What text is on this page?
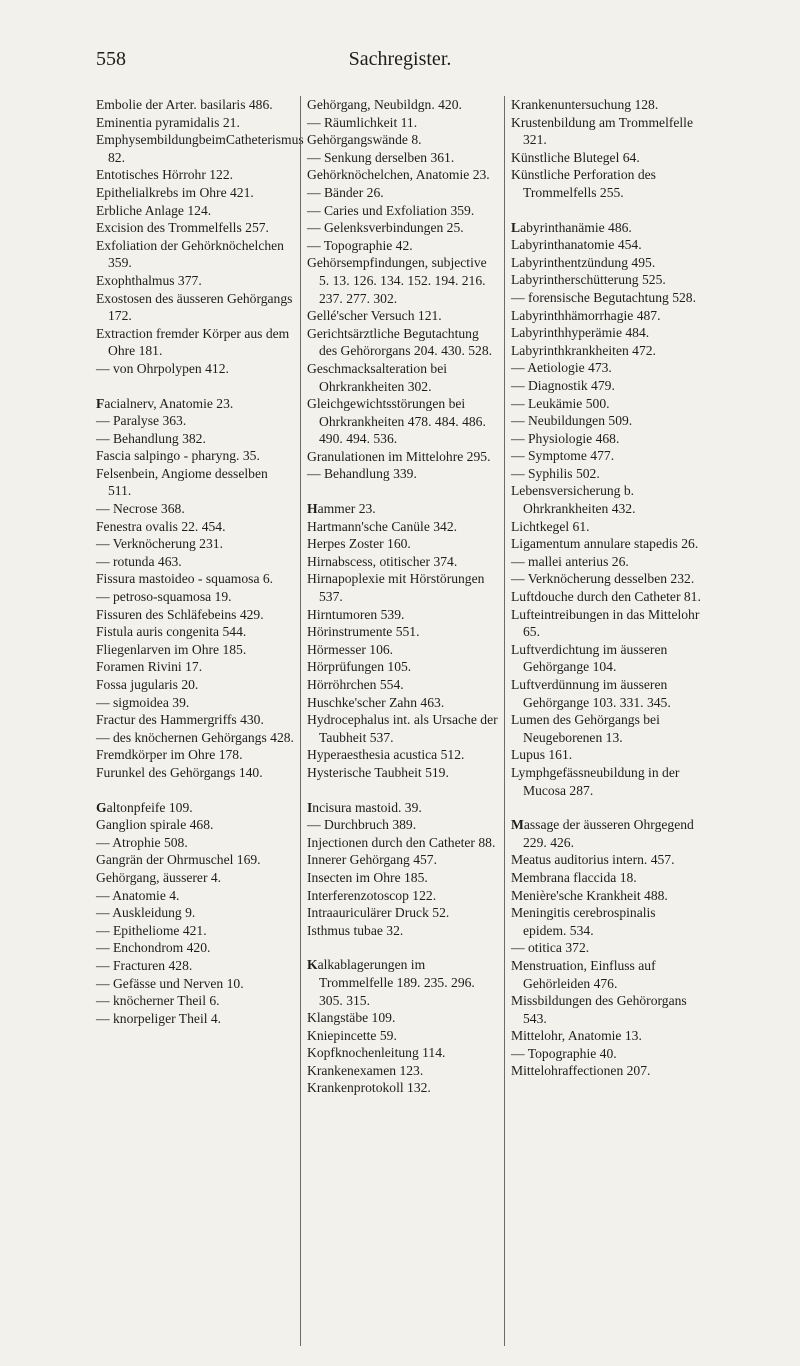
558	Sachregister.

Embolie der Arter. basilaris 486.

Eminentia pyramidalis 21.

EmphysembildungbeimCatheterismus 82.

Entotisches Hörrohr 122.

Epithelialkrebs im Ohre 421.

Erbliche Anlage 124.

Excision des Trommelfells 257.

Exfoliation der Gehörknöchelchen 359.

Exophthalmus 377.

Exostosen des äusseren Gehörgangs 172.

Extraction fremder Körper aus dem Ohre 181.

— von Ohrpolypen 412.

Facialnerv, Anatomie 23.

— Paralyse 363.

— Behandlung 382.

Fascia salpingo - pharyng. 35.

Felsenbein, Angiome desselben 511.

— Necrose 368.

Fenestra ovalis 22. 454.

— Verknöcherung 231.

— rotunda 463.

Fissura mastoideo - squamosa 6.

— petroso-squamosa 19.

Fissuren des Schläfebeins 429.

Fistula auris congenita 544.

Fliegenlarven im Ohre 185.

Foramen Rivini 17.

Fossa jugularis 20.

— sigmoidea 39.

Fractur des Hammergriffs 430.

— des knöchernen Gehörgangs 428.

Fremdkörper im Ohre 178.

Furunkel des Gehörgangs 140.

Galtonpfeife 109.

Ganglion spirale 468.

— Atrophie 508.

Gangrän der Ohrmuschel 169.

Gehörgang, äusserer 4.

— Anatomie 4.

— Auskleidung 9.

— Epitheliome 421.

— Enchondrom 420.

— Fracturen 428.

— Gefässe und Nerven 10.

— knöcherner Theil 6.

— knorpeliger Theil 4.

Gehörgang, Neubildgn. 420.

— Räumlichkeit 11.

Gehörgangswände 8.

— Senkung derselben 361.

Gehörknöchelchen, Anatomie 23.

— Bänder 26.

— Caries und Exfoliation 359.

— Gelenksverbindungen 25.

— Topographie 42.

Gehörsempfindungen, subjective 5. 13. 126. 134. 152. 194. 216. 237. 277. 302.

Gellé'scher Versuch 121.

Gerichtsärztliche Begutachtung des Gehörorgans 204. 430. 528.

Geschmacksalteration bei Ohrkrankheiten 302.

Gleichgewichtsstörungen bei Ohrkrankheiten 478. 484. 486. 490. 494. 536.

Granulationen im Mittelohre 295.

— Behandlung 339.

Hammer 23.

Hartmann'sche Canüle 342.

Herpes Zoster 160.

Hirnabscess, otitischer 374.

Hirnapoplexie mit Hörstörungen 537.

Hirntumoren 539.

Hörinstrumente 551.

Hörmesser 106.

Hörprüfungen 105.

Hörröhrchen 554.

Huschke'scher Zahn 463.

Hydrocephalus int. als Ursache der Taubheit 537.

Hyperaesthesia acustica 512.

Hysterische Taubheit 519.

Incisura mastoid. 39.

— Durchbruch 389.

Injectionen durch den Catheter 88.

Innerer Gehörgang 457.

Insecten im Ohre 185.

Interferenzotoscop 122.

Intraauriculärer Druck 52.

Isthmus tubae 32.

Kalkablagerungen im Trommelfelle 189. 235. 296. 305. 315.

Klangstäbe 109.

Kniepincette 59.

Kopfknochenleitung 114.

Krankenexamen 123.

Krankenprotokoll 132.

Krankenuntersuchung 128.

Krustenbildung am Trommelfelle 321.

Künstliche Blutegel 64.

Künstliche Perforation des Trommelfells 255.

Labyrinthanämie 486.

Labyrinthanatomie 454.

Labyrinthentzündung 495.

Labyrintherschütterung 525.

— forensische Begutachtung 528.

Labyrinthhämorrhagie 487.

Labyrinthhyperämie 484.

Labyrinthkrankheiten 472.

— Aetiologie 473.

— Diagnostik 479.

— Leukämie 500.

— Neubildungen 509.

— Physiologie 468.

— Symptome 477.

— Syphilis 502.

Lebensversicherung b. Ohrkrankheiten 432.

Lichtkegel 61.

Ligamentum annulare stapedis 26.

— mallei anterius 26.

— Verknöcherung desselben 232.

Luftdouche durch den Catheter 81.

Lufteintreibungen in das Mittelohr 65.

Luftverdichtung im äusseren Gehörgange 104.

Luftverdünnung im äusseren Gehörgange 103. 331. 345.

Lumen des Gehörgangs bei Neugeborenen 13.

Lupus 161.

Lymphgefässneubildung in der Mucosa 287.

Massage der äusseren Ohrgegend 229. 426.

Meatus auditorius intern. 457.

Membrana flaccida 18.

Menière'sche Krankheit 488.

Meningitis cerebrospinalis epidem. 534.

— otitica 372.

Menstruation, Einfluss auf Gehörleiden 476.

Missbildungen des Gehörorgans 543.

Mittelohr, Anatomie 13.

— Topographie 40.

Mittelohraffectionen 207.
